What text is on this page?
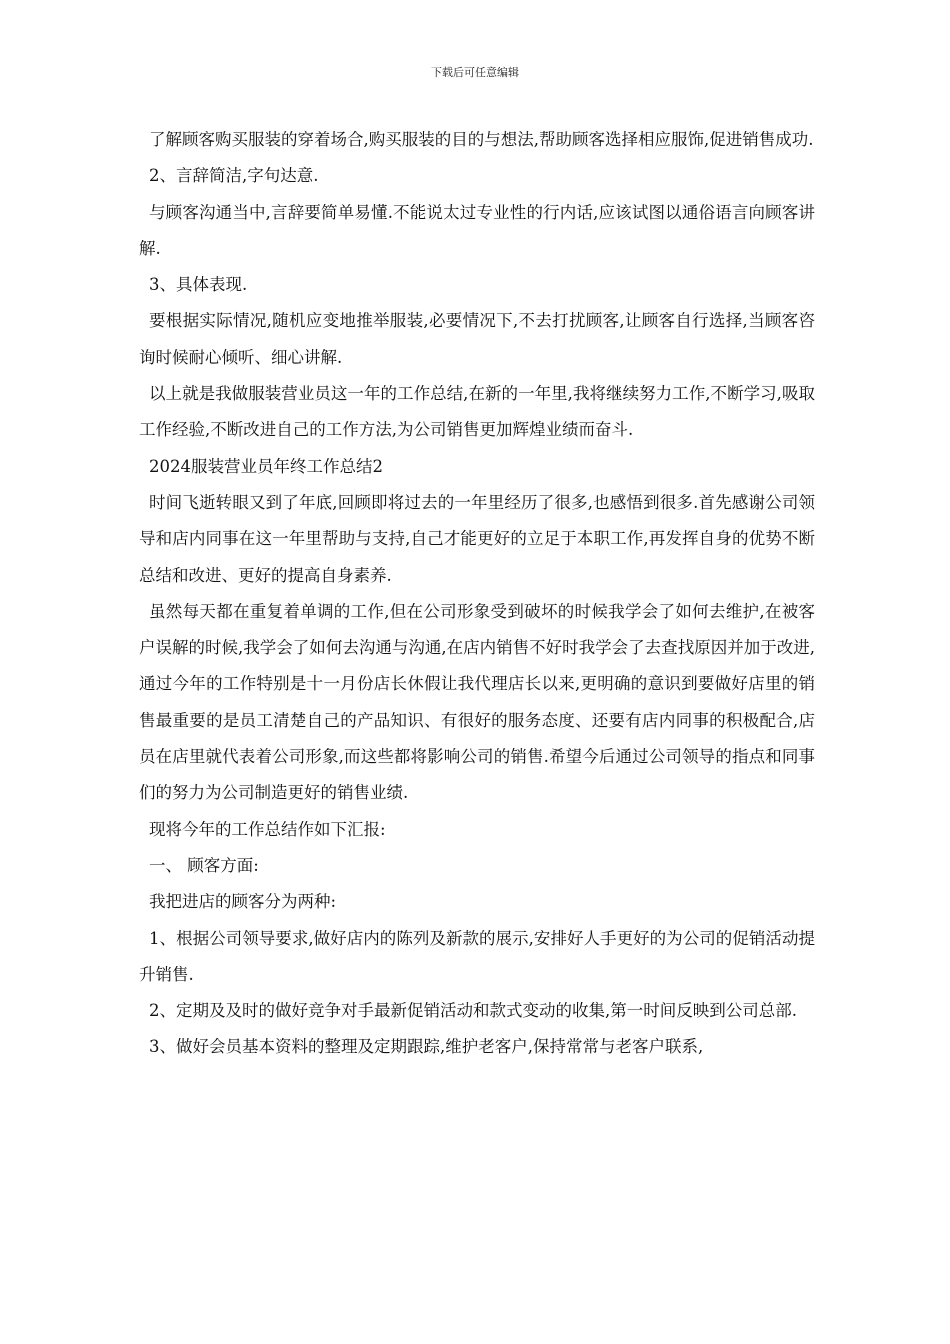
下载后可任意编辑

了解顾客购买服装的穿着场合,购买服装的目的与想法,帮助顾客选择相应服饰,促进销售成功.

2、言辞简洁,字句达意.

与顾客沟通当中,言辞要简单易懂.不能说太过专业性的行内话,应该试图以通俗语言向顾客讲解.

3、具体表现.

要根据实际情况,随机应变地推举服装,必要情况下,不去打扰顾客,让顾客自行选择,当顾客咨询时候耐心倾听、细心讲解.

以上就是我做服装营业员这一年的工作总结,在新的一年里,我将继续努力工作,不断学习,吸取工作经验,不断改进自己的工作方法,为公司销售更加辉煌业绩而奋斗.

2024服装营业员年终工作总结2

时间飞逝转眼又到了年底,回顾即将过去的一年里经历了很多,也感悟到很多.首先感谢公司领导和店内同事在这一年里帮助与支持,自己才能更好的立足于本职工作,再发挥自身的优势不断总结和改进、更好的提高自身素养.

虽然每天都在重复着单调的工作,但在公司形象受到破坏的时候我学会了如何去维护,在被客户误解的时候,我学会了如何去沟通与沟通,在店内销售不好时我学会了去查找原因并加于改进,通过今年的工作特别是十一月份店长休假让我代理店长以来,更明确的意识到要做好店里的销售最重要的是员工清楚自己的产品知识、有很好的服务态度、还要有店内同事的积极配合,店员在店里就代表着公司形象,而这些都将影响公司的销售.希望今后通过公司领导的指点和同事们的努力为公司制造更好的销售业绩.

现将今年的工作总结作如下汇报:

一、 顾客方面:

我把进店的顾客分为两种:

1、根据公司领导要求,做好店内的陈列及新款的展示,安排好人手更好的为公司的促销活动提升销售.

2、定期及及时的做好竞争对手最新促销活动和款式变动的收集,第一时间反映到公司总部.

3、做好会员基本资料的整理及定期跟踪,维护老客户,保持常常与老客户联系,
